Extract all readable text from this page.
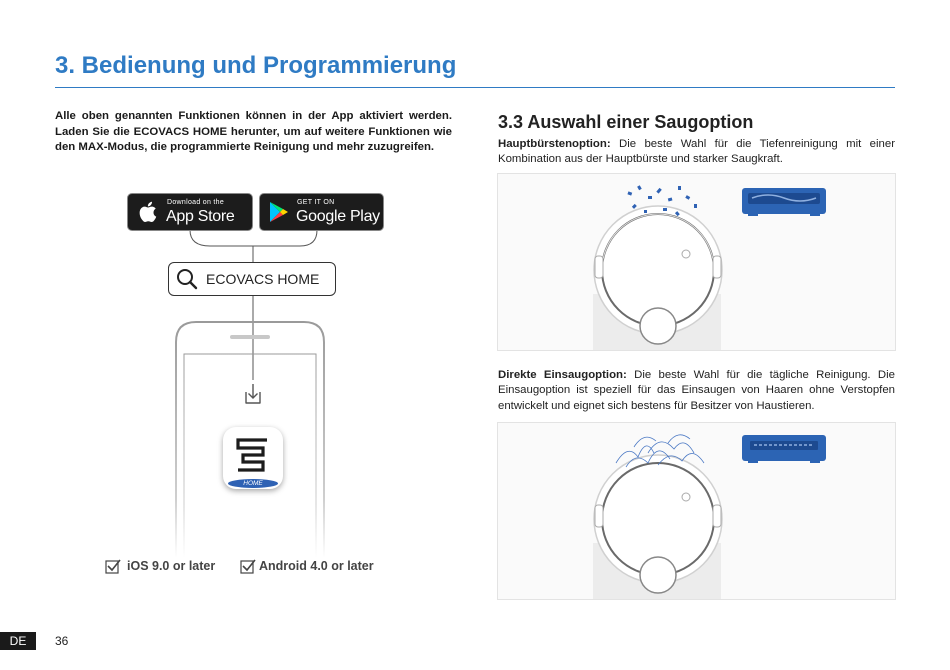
3. Bedienung und Programmierung
Alle oben genannten Funktionen können in der App aktiviert werden. Laden Sie die ECOVACS HOME herunter, um auf weitere Funktionen wie den MAX-Modus, die programmierte Reinigung und mehr zuzugreifen.
Download on the
App Store
GET IT ON
Google Play
ECOVACS HOME
HOME
iOS 9.0 or later	Android 4.0 or later
3.3 Auswahl einer Saugoption
Hauptbürstenoption: Die beste Wahl für die Tiefenreinigung mit einer Kombination aus der Hauptbürste und starker Saugkraft.
Direkte Einsaugoption: Die beste Wahl für die tägliche Reinigung. Die Einsaugoption ist speziell für das Einsaugen von Haaren ohne Verstopfen entwickelt und eignet sich bestens für Besitzer von Haustieren.
DE	36
